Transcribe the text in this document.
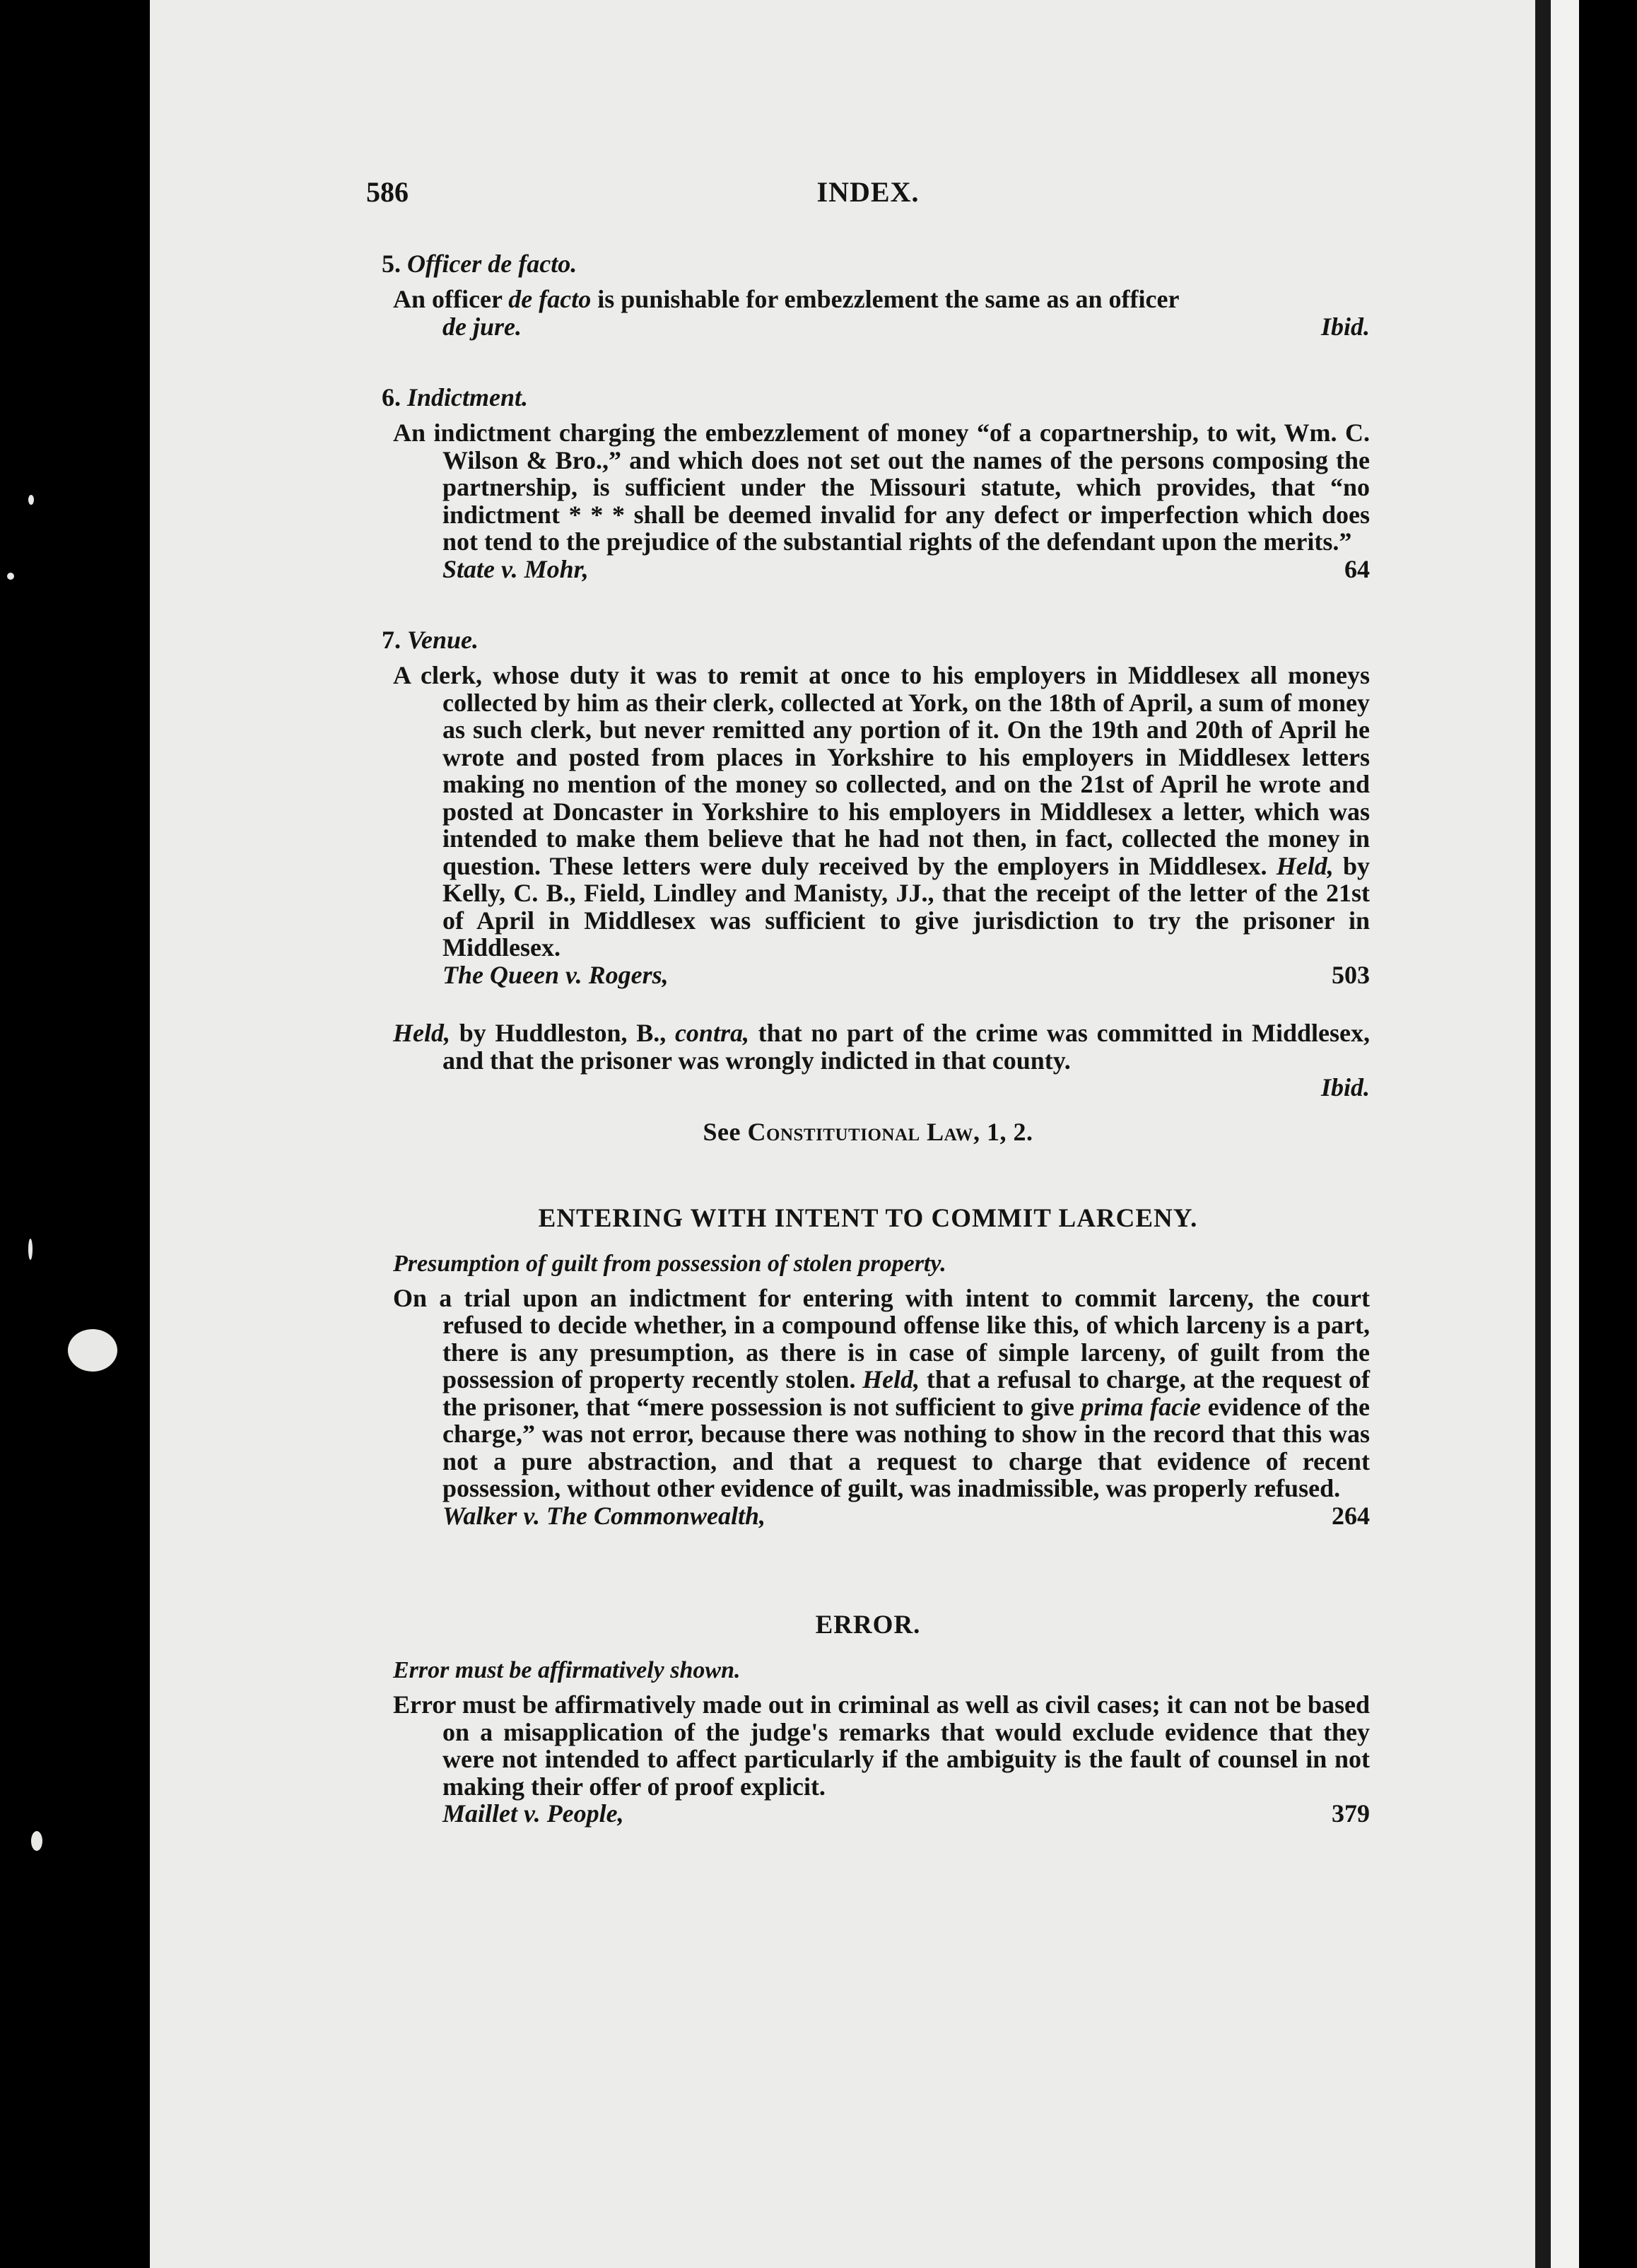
586	INDEX.

5. Officer de facto.

An officer de facto is punishable for embezzlement the same as an officer
de jure.	Ibid.

6. Indictment.

An indictment charging the embezzlement of money “of a copartnership, to wit, Wm. C. Wilson & Bro.,” and which does not set out the names of the persons composing the partnership, is sufficient under the Missouri statute, which provides, that “no indictment * * * shall be deemed invalid for any defect or imperfection which does not tend to the prejudice of the substantial rights of the defendant upon the merits.”
State v. Mohr,	64

7. Venue.

A clerk, whose duty it was to remit at once to his employers in Middlesex all moneys collected by him as their clerk, collected at York, on the 18th of April, a sum of money as such clerk, but never remitted any portion of it. On the 19th and 20th of April he wrote and posted from places in Yorkshire to his employers in Middlesex letters making no mention of the money so collected, and on the 21st of April he wrote and posted at Doncaster in Yorkshire to his employers in Middlesex a letter, which was intended to make them believe that he had not then, in fact, collected the money in question. These letters were duly received by the employers in Middlesex. Held, by Kelly, C. B., Field, Lindley and Manisty, JJ., that the receipt of the letter of the 21st of April in Middlesex was sufficient to give jurisdiction to try the prisoner in Middlesex.
The Queen v. Rogers,	503
Held, by Huddleston, B., contra, that no part of the crime was committed in Middlesex, and that the prisoner was wrongly indicted in that county.
Ibid.
See Constitutional Law, 1, 2.

ENTERING WITH INTENT TO COMMIT LARCENY.

Presumption of guilt from possession of stolen property.

On a trial upon an indictment for entering with intent to commit larceny, the court refused to decide whether, in a compound offense like this, of which larceny is a part, there is any presumption, as there is in case of simple larceny, of guilt from the possession of property recently stolen. Held, that a refusal to charge, at the request of the prisoner, that “mere possession is not sufficient to give prima facie evidence of the charge,” was not error, because there was nothing to show in the record that this was not a pure abstraction, and that a request to charge that evidence of recent possession, without other evidence of guilt, was inadmissible, was properly refused.
Walker v. The Commonwealth,	264

ERROR.

Error must be affirmatively shown.

Error must be affirmatively made out in criminal as well as civil cases; it can not be based on a misapplication of the judge's remarks that would exclude evidence that they were not intended to affect particularly if the ambiguity is the fault of counsel in not making their offer of proof explicit.
Maillet v. People,	379
